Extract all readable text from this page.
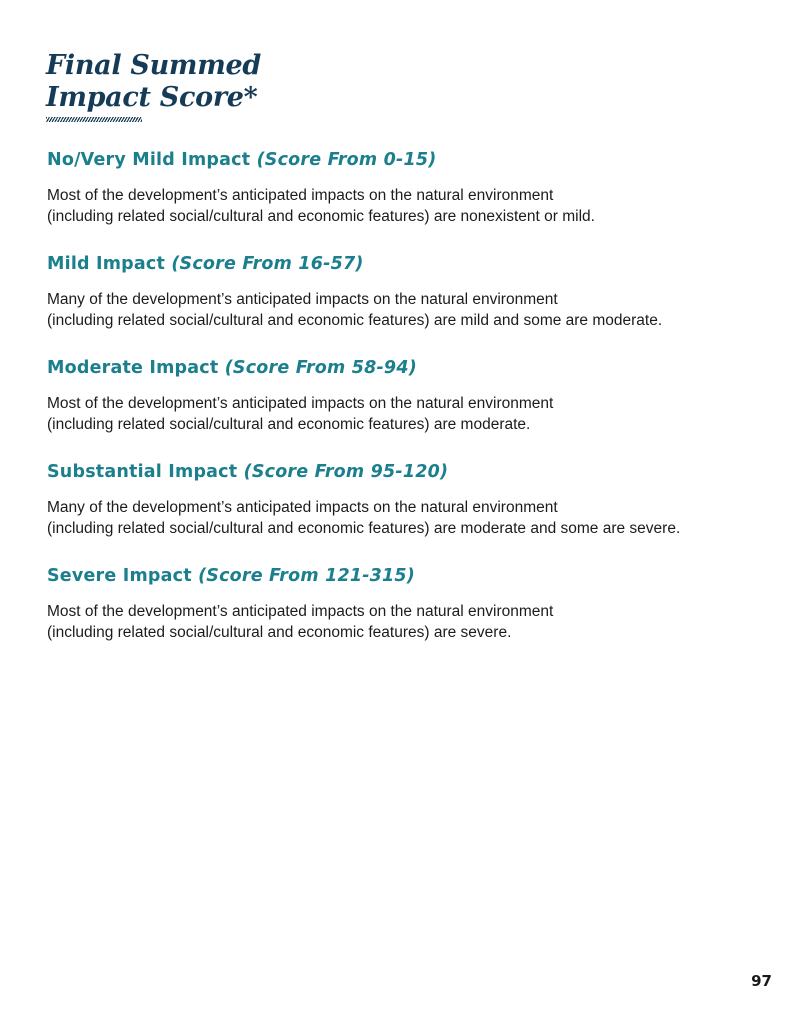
Final Summed Impact Score*
No/Very Mild Impact (Score From 0-15)

Most of the development’s anticipated impacts on the natural environment
(including related social/cultural and economic features) are nonexistent or mild.

Mild Impact (Score From 16-57)

Many of the development’s anticipated impacts on the natural environment
(including related social/cultural and economic features) are mild and some are moderate.

Moderate Impact (Score From 58-94)

Most of the development’s anticipated impacts on the natural environment
(including related social/cultural and economic features) are moderate.

Substantial Impact (Score From 95-120)

Many of the development’s anticipated impacts on the natural environment
(including related social/cultural and economic features) are moderate and some are severe.

Severe Impact (Score From 121-315)

Most of the development’s anticipated impacts on the natural environment
(including related social/cultural and economic features) are severe.

97
